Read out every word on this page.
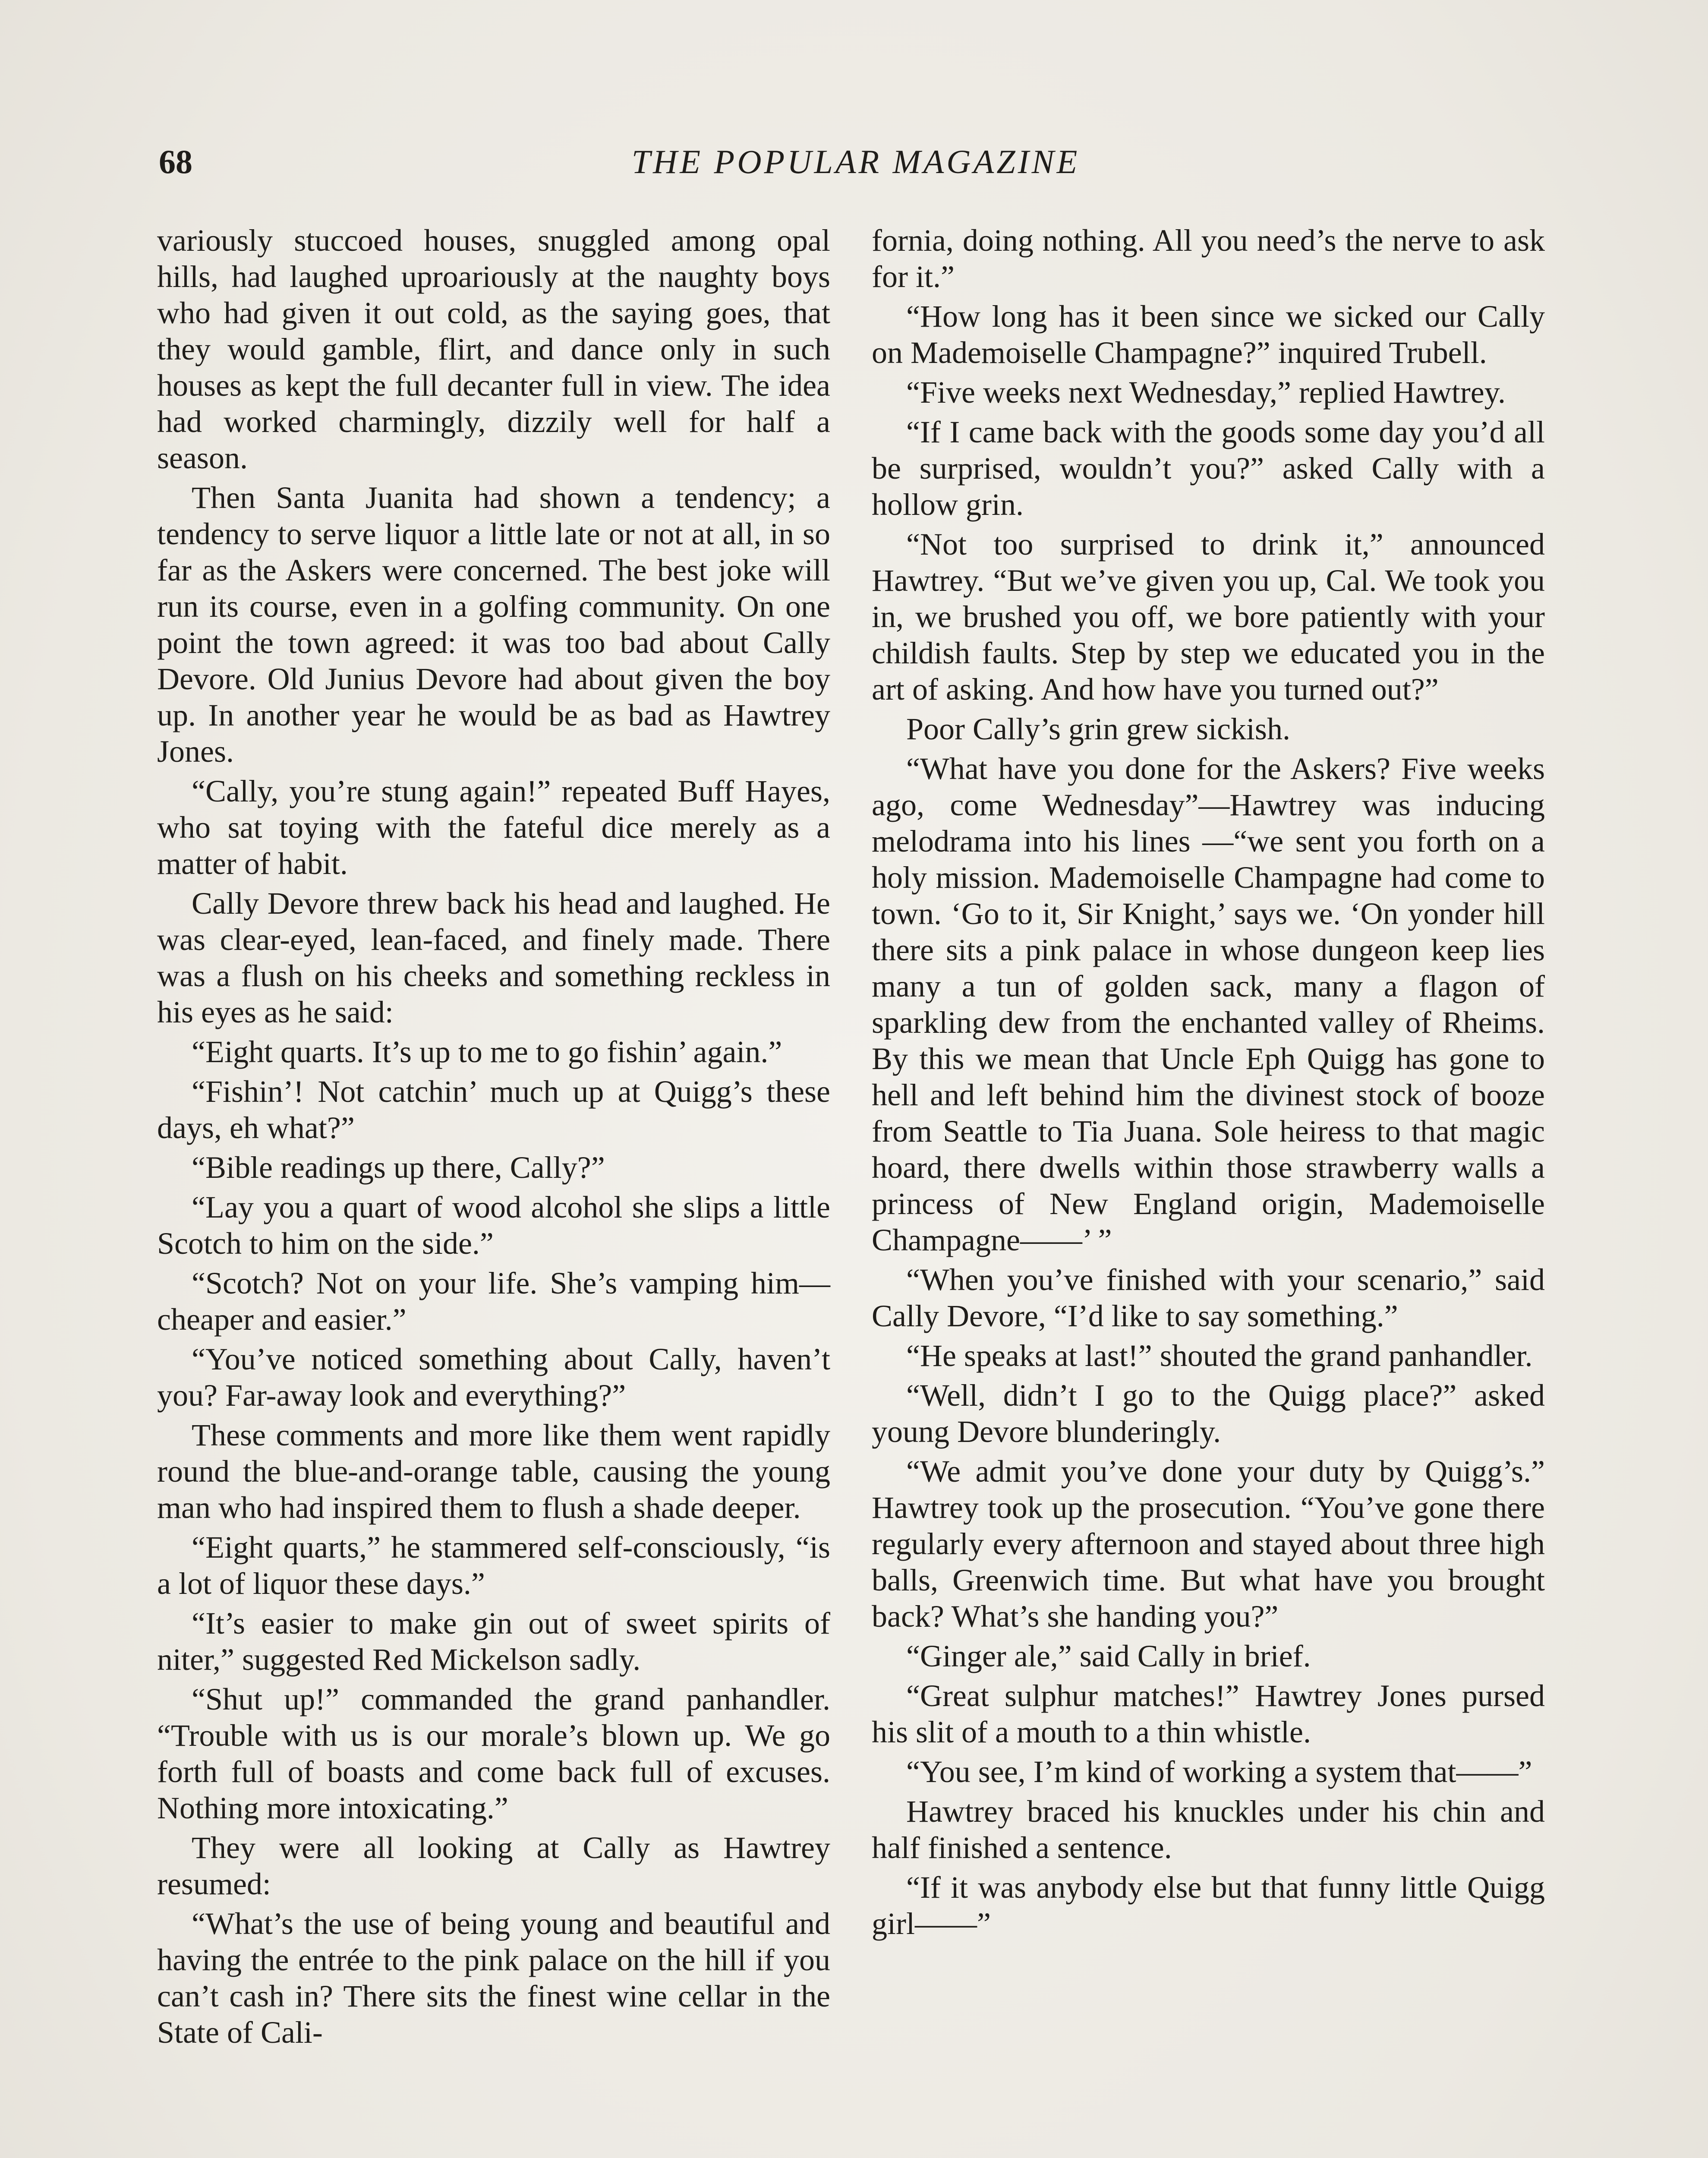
68	THE POPULAR MAGAZINE

variously stuccoed houses, snuggled among opal hills, had laughed uproariously at the naughty boys who had given it out cold, as the saying goes, that they would gamble, flirt, and dance only in such houses as kept the full decanter full in view. The idea had worked charmingly, dizzily well for half a season.

Then Santa Juanita had shown a tendency; a tendency to serve liquor a little late or not at all, in so far as the Askers were concerned. The best joke will run its course, even in a golfing community. On one point the town agreed: it was too bad about Cally Devore. Old Junius Devore had about given the boy up. In another year he would be as bad as Hawtrey Jones.

“Cally, you’re stung again!” repeated Buff Hayes, who sat toying with the fateful dice merely as a matter of habit.

Cally Devore threw back his head and laughed. He was clear-eyed, lean-faced, and finely made. There was a flush on his cheeks and something reckless in his eyes as he said:

“Eight quarts. It’s up to me to go fishin’ again.”

“Fishin’! Not catchin’ much up at Quigg’s these days, eh what?”

“Bible readings up there, Cally?”

“Lay you a quart of wood alcohol she slips a little Scotch to him on the side.”

“Scotch? Not on your life. She’s vamping him—cheaper and easier.”

“You’ve noticed something about Cally, haven’t you? Far-away look and everything?”

These comments and more like them went rapidly round the blue-and-orange table, causing the young man who had inspired them to flush a shade deeper.

“Eight quarts,” he stammered self-consciously, “is a lot of liquor these days.”

“It’s easier to make gin out of sweet spirits of niter,” suggested Red Mickelson sadly.

“Shut up!” commanded the grand panhandler. “Trouble with us is our morale’s blown up. We go forth full of boasts and come back full of excuses. Nothing more intoxicating.”

They were all looking at Cally as Hawtrey resumed:

“What’s the use of being young and beautiful and having the entrée to the pink palace on the hill if you can’t cash in? There sits the finest wine cellar in the State of Cali-

fornia, doing nothing. All you need’s the nerve to ask for it.”

“How long has it been since we sicked our Cally on Mademoiselle Champagne?” inquired Trubell.

“Five weeks next Wednesday,” replied Hawtrey.

“If I came back with the goods some day you’d all be surprised, wouldn’t you?” asked Cally with a hollow grin.

“Not too surprised to drink it,” announced Hawtrey. “But we’ve given you up, Cal. We took you in, we brushed you off, we bore patiently with your childish faults. Step by step we educated you in the art of asking. And how have you turned out?”

Poor Cally’s grin grew sickish.

“What have you done for the Askers? Five weeks ago, come Wednesday”—Hawtrey was inducing melodrama into his lines —“we sent you forth on a holy mission. Mademoiselle Champagne had come to town. ‘Go to it, Sir Knight,’ says we. ‘On yonder hill there sits a pink palace in whose dungeon keep lies many a tun of golden sack, many a flagon of sparkling dew from the enchanted valley of Rheims. By this we mean that Uncle Eph Quigg has gone to hell and left behind him the divinest stock of booze from Seattle to Tia Juana. Sole heiress to that magic hoard, there dwells within those strawberry walls a princess of New England origin, Mademoiselle Champagne——’ ”

“When you’ve finished with your scenario,” said Cally Devore, “I’d like to say something.”

“He speaks at last!” shouted the grand panhandler.

“Well, didn’t I go to the Quigg place?” asked young Devore blunderingly.

“We admit you’ve done your duty by Quigg’s.” Hawtrey took up the prosecution. “You’ve gone there regularly every afternoon and stayed about three high balls, Greenwich time. But what have you brought back? What’s she handing you?”

“Ginger ale,” said Cally in brief.

“Great sulphur matches!” Hawtrey Jones pursed his slit of a mouth to a thin whistle.

“You see, I’m kind of working a system that——”

Hawtrey braced his knuckles under his chin and half finished a sentence.

“If it was anybody else but that funny little Quigg girl——”
